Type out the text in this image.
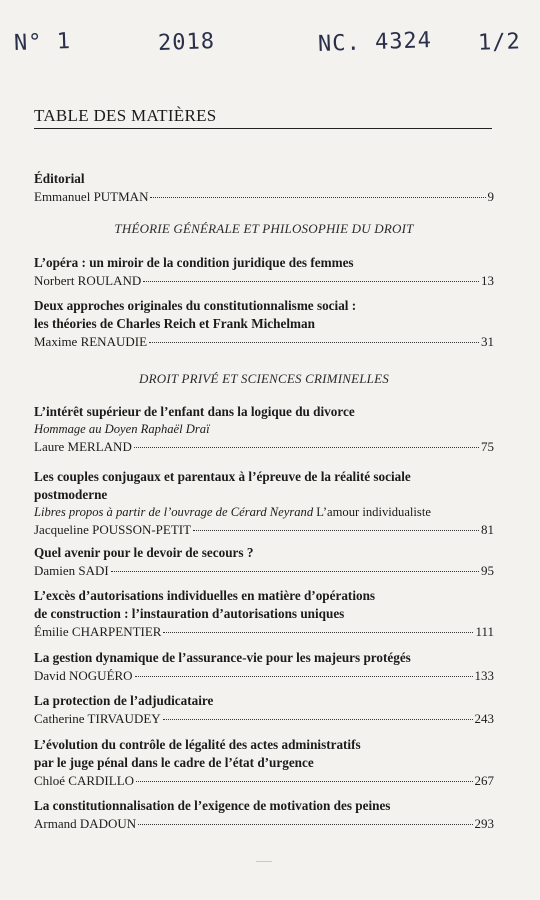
N° 1	2018	NC. 4324 1/2
TABLE DES MATIÈRES
Éditorial
Emmanuel PUTMAN	9
THÉORIE GÉNÉRALE ET PHILOSOPHIE DU DROIT
L’opéra : un miroir de la condition juridique des femmes
Norbert ROULAND	13
Deux approches originales du constitutionnalisme social :
les théories de Charles Reich et Frank Michelman
Maxime RENAUDIE	31
DROIT PRIVÉ ET SCIENCES CRIMINELLES
L’intérêt supérieur de l’enfant dans la logique du divorce
Hommage au Doyen Raphaël Draï
Laure MERLAND	75
Les couples conjugaux et parentaux à l’épreuve de la réalité sociale
postmoderne
Libres propos à partir de l’ouvrage de Cérard Neyrand L’amour individualiste
Jacqueline POUSSON-PETIT	81
Quel avenir pour le devoir de secours ?
Damien SADI	95
L’excès d’autorisations individuelles en matière d’opérations
de construction : l’instauration d’autorisations uniques
Émilie CHARPENTIER	111
La gestion dynamique de l’assurance-vie pour les majeurs protégés
David NOGUÉRO	133
La protection de l’adjudicataire
Catherine TIRVAUDEY	243
L’évolution du contrôle de légalité des actes administratifs
par le juge pénal dans le cadre de l’état d’urgence
Chloé CARDILLO	267
La constitutionnalisation de l’exigence de motivation des peines
Armand DADOUN	293
